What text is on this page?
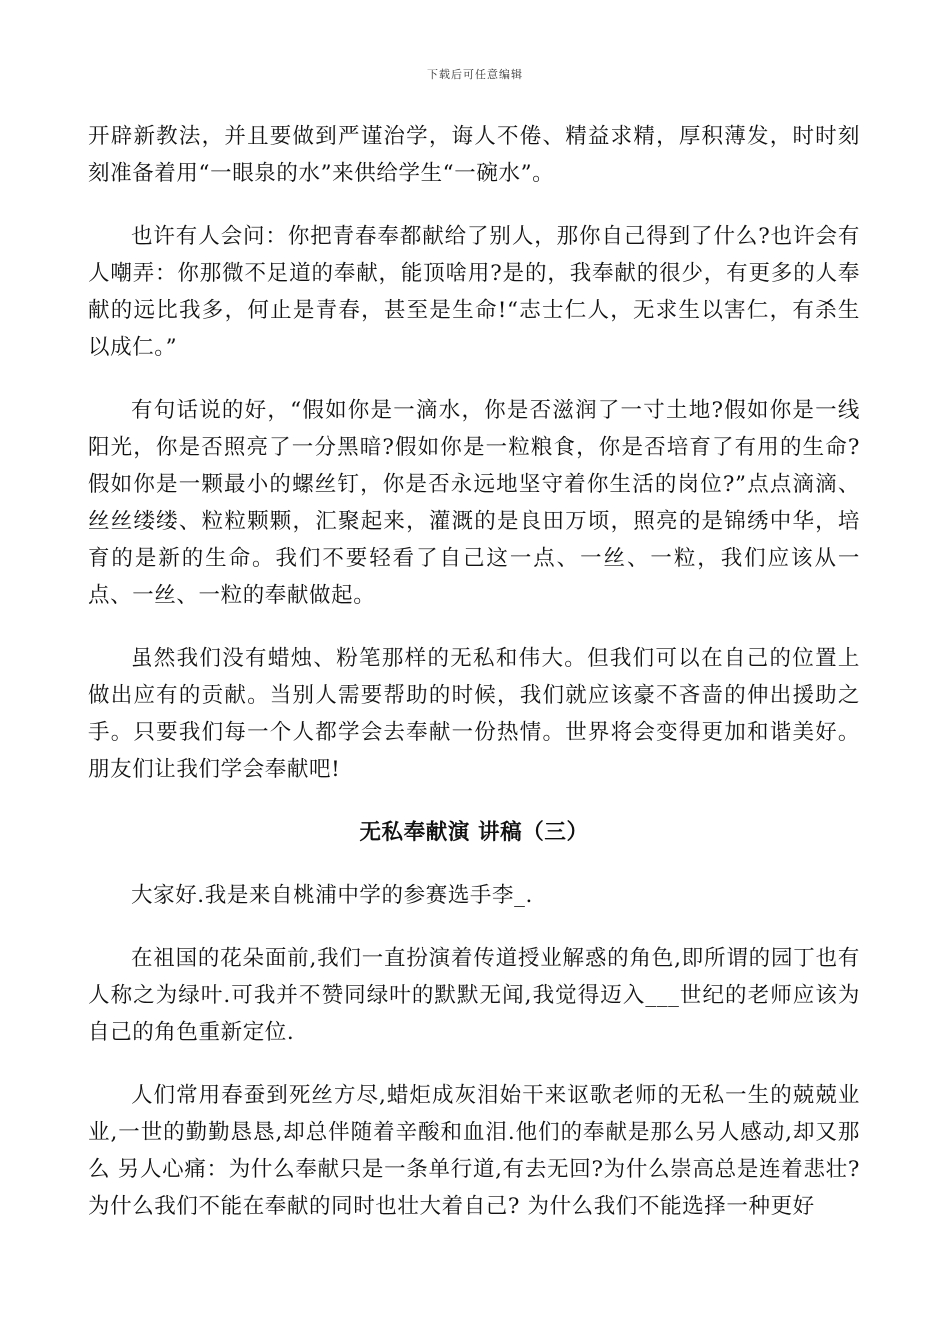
下载后可任意编辑

开辟新教法，并且要做到严谨治学，诲人不倦、精益求精，厚积薄发，时时刻刻准备着用“一眼泉的水”来供给学生“一碗水”。

也许有人会问：你把青春奉都献给了别人，那你自己得到了什么?也许会有人嘲弄：你那微不足道的奉献，能顶啥用?是的，我奉献的很少，有更多的人奉献的远比我多，何止是青春，甚至是生命!“志士仁人，无求生以害仁，有杀生以成仁。”

有句话说的好，“假如你是一滴水，你是否滋润了一寸土地?假如你是一线阳光，你是否照亮了一分黑暗?假如你是一粒粮食，你是否培育了有用的生命?假如你是一颗最小的螺丝钉，你是否永远地坚守着你生活的岗位?”点点滴滴、丝丝缕缕、粒粒颗颗，汇聚起来，灌溉的是良田万顷，照亮的是锦绣中华，培育的是新的生命。我们不要轻看了自己这一点、一丝、一粒，我们应该从一点、一丝、一粒的奉献做起。

虽然我们没有蜡烛、粉笔那样的无私和伟大。但我们可以在自己的位置上做出应有的贡献。当别人需要帮助的时候，我们就应该豪不吝啬的伸出援助之手。只要我们每一个人都学会去奉献一份热情。世界将会变得更加和谐美好。朋友们让我们学会奉献吧!

无私奉献演 讲稿（三）

大家好.我是来自桃浦中学的参赛选手李_.

在祖国的花朵面前,我们一直扮演着传道授业解惑的角色,即所谓的园丁也有人称之为绿叶.可我并不赞同绿叶的默默无闻,我觉得迈入___世纪的老师应该为自己的角色重新定位.

人们常用春蚕到死丝方尽,蜡炬成灰泪始干来讴歌老师的无私一生的兢兢业业,一世的勤勤恳恳,却总伴随着辛酸和血泪.他们的奉献是那么另人感动,却又那么 另人心痛：为什么奉献只是一条单行道,有去无回?为什么崇高总是连着悲壮?为什么我们不能在奉献的同时也壮大着自己? 为什么我们不能选择一种更好
